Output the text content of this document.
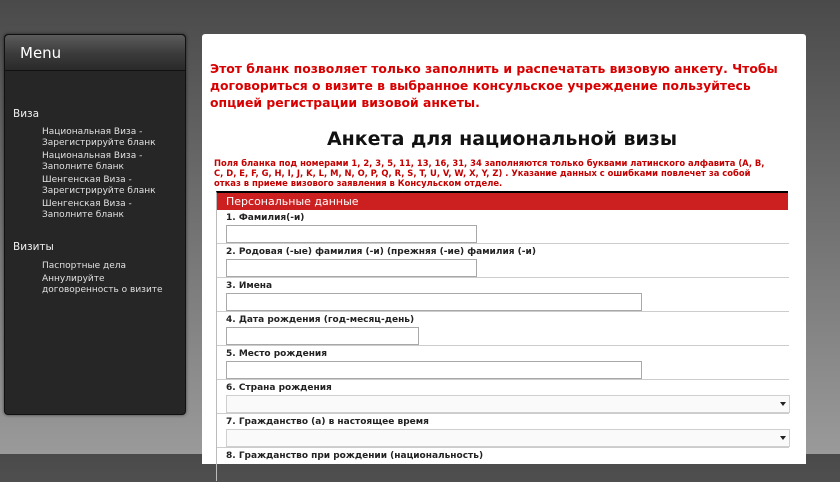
Menu
Виза
Национальная Виза - Зарегистрируйте бланк
Национальная Виза - Заполните бланк
Шенгенская Виза - Зарегистрируйте бланк
Шенгенская Виза - Заполните бланк
Визиты
Паспортные дела
Аннулируйте договоренность о визите
Этот бланк позволяет только заполнить и распечатать визовую анкету. Чтобы договориться о визите в выбранное консульское учреждение пользуйтесь опцией регистрации визовой анкеты.
Анкета для национальной визы
Поля бланка под номерами 1, 2, 3, 5, 11, 13, 16, 31, 34 заполняются только буквами латинского алфавита (A, B, C, D, E, F, G, H, I, J, K, L, M, N, O, P, Q, R, S, T, U, V, W, X, Y, Z) . Указание данных с ошибками повлечет за собой отказ в приеме визового заявления в Консульском отделе.
Персональные данные
1. Фамилия(-и)
2. Родовая (-ые) фамилия (-и) (прежняя (-ие) фамилия (-и)
3. Имена
4. Дата рождения (год-месяц-день)
5. Место рождения
6. Страна рождения
7. Гражданство (а) в настоящее время
8. Гражданство при рождении (национальность)
